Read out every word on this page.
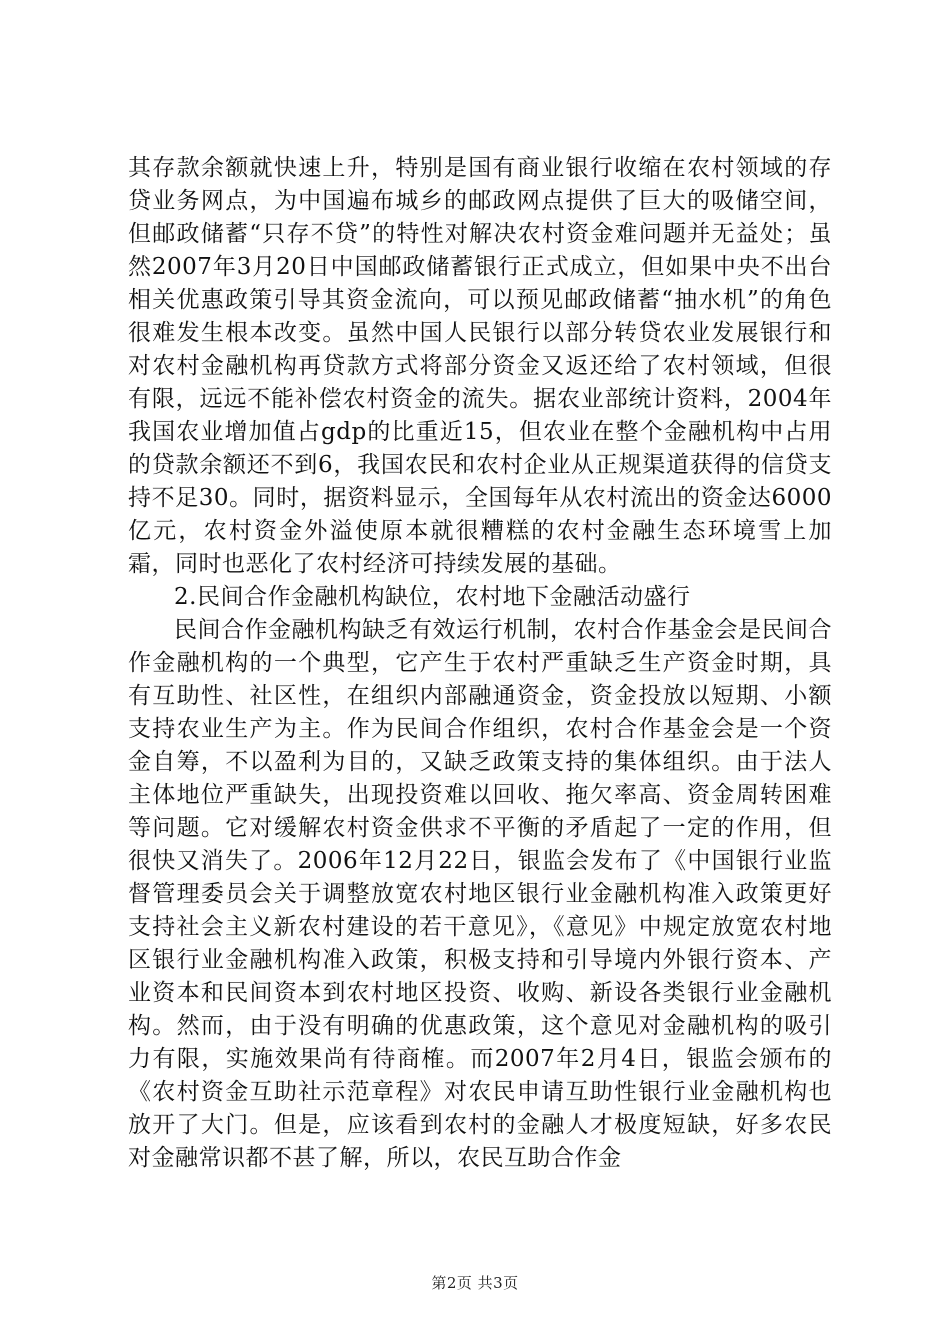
其存款余额就快速上升，特别是国有商业银行收缩在农村领域的存贷业务网点，为中国遍布城乡的邮政网点提供了巨大的吸储空间，但邮政储蓄“只存不贷”的特性对解决农村资金难问题并无益处；虽然2007年3月20日中国邮政储蓄银行正式成立，但如果中央不出台相关优惠政策引导其资金流向，可以预见邮政储蓄“抽水机”的角色很难发生根本改变。虽然中国人民银行以部分转贷农业发展银行和对农村金融机构再贷款方式将部分资金又返还给了农村领域，但很有限，远远不能补偿农村资金的流失。据农业部统计资料，2004年我国农业增加值占gdp的比重近15，但农业在整个金融机构中占用的贷款余额还不到6，我国农民和农村企业从正规渠道获得的信贷支持不足30。同时，据资料显示，全国每年从农村流出的资金达6000亿元，农村资金外溢使原本就很糟糕的农村金融生态环境雪上加霜，同时也恶化了农村经济可持续发展的基础。

2.民间合作金融机构缺位，农村地下金融活动盛行

民间合作金融机构缺乏有效运行机制，农村合作基金会是民间合作金融机构的一个典型，它产生于农村严重缺乏生产资金时期，具有互助性、社区性，在组织内部融通资金，资金投放以短期、小额支持农业生产为主。作为民间合作组织，农村合作基金会是一个资金自筹，不以盈利为目的，又缺乏政策支持的集体组织。由于法人主体地位严重缺失，出现投资难以回收、拖欠率高、资金周转困难等问题。它对缓解农村资金供求不平衡的矛盾起了一定的作用，但很快又消失了。2006年12月22日，银监会发布了《中国银行业监督管理委员会关于调整放宽农村地区银行业金融机构准入政策更好支持社会主义新农村建设的若干意见》，《意见》中规定放宽农村地区银行业金融机构准入政策，积极支持和引导境内外银行资本、产业资本和民间资本到农村地区投资、收购、新设各类银行业金融机构。然而，由于没有明确的优惠政策，这个意见对金融机构的吸引力有限，实施效果尚有待商榷。而2007年2月4日，银监会颁布的《农村资金互助社示范章程》对农民申请互助性银行业金融机构也放开了大门。但是，应该看到农村的金融人才极度短缺，好多农民对金融常识都不甚了解，所以，农民互助合作金

第2页 共3页
